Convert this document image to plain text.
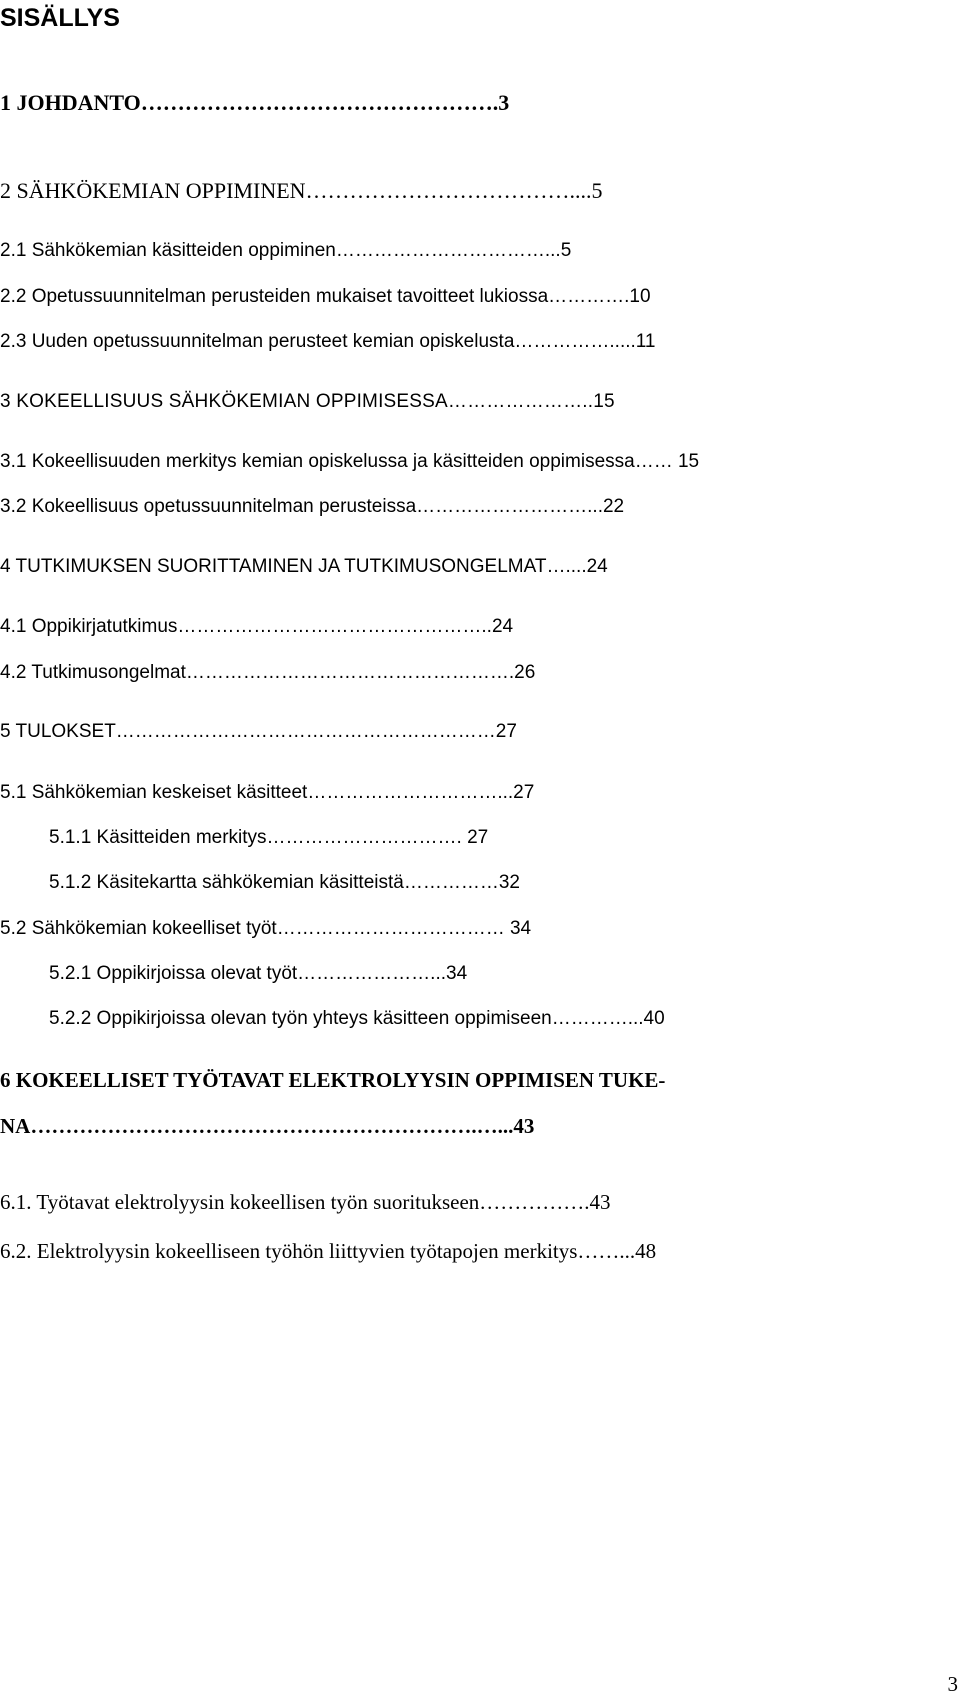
SISÄLLYS
1 JOHDANTO………………………………………….3
2 SÄHKÖKEMIAN OPPIMINEN………………………………....5
2.1 Sähkökemian käsitteiden oppiminen……………………………...5
2.2 Opetussuunnitelman perusteiden mukaiset tavoitteet lukiossa………….10
2.3 Uuden opetussuunnitelman perusteet kemian opiskelusta…………….....11
3 KOKEELLISUUS SÄHKÖKEMIAN OPPIMISESSA…………………..15
3.1 Kokeellisuuden merkitys kemian opiskelussa ja käsitteiden oppimisessa…… 15
3.2 Kokeellisuus opetussuunnitelman perusteissa………………………...22
4 TUTKIMUKSEN SUORITTAMINEN JA TUTKIMUSONGELMAT…....24
4.1 Oppikirjatutkimus…………………………………………..24
4.2 Tutkimusongelmat…………………………………………….26
5 TULOKSET……………………………………………………27
5.1 Sähkökemian keskeiset käsitteet…………………………...27
5.1.1 Käsitteiden merkitys…………………………. 27
5.1.2 Käsitekartta sähkökemian käsitteistä……………32
5.2 Sähkökemian kokeelliset työt……………………………… 34
5.2.1 Oppikirjoissa olevat työt…………………...34
5.2.2 Oppikirjoissa olevan työn yhteys käsitteen oppimiseen…………...40
6 KOKEELLISET TYÖTAVAT ELEKTROLYYSIN OPPIMISEN TUKE-
NA……………………………………………………….…...43
6.1. Työtavat elektrolyysin kokeellisen työn suoritukseen…………….43
6.2. Elektrolyysin kokeelliseen työhön liittyvien työtapojen merkitys……...48
3
